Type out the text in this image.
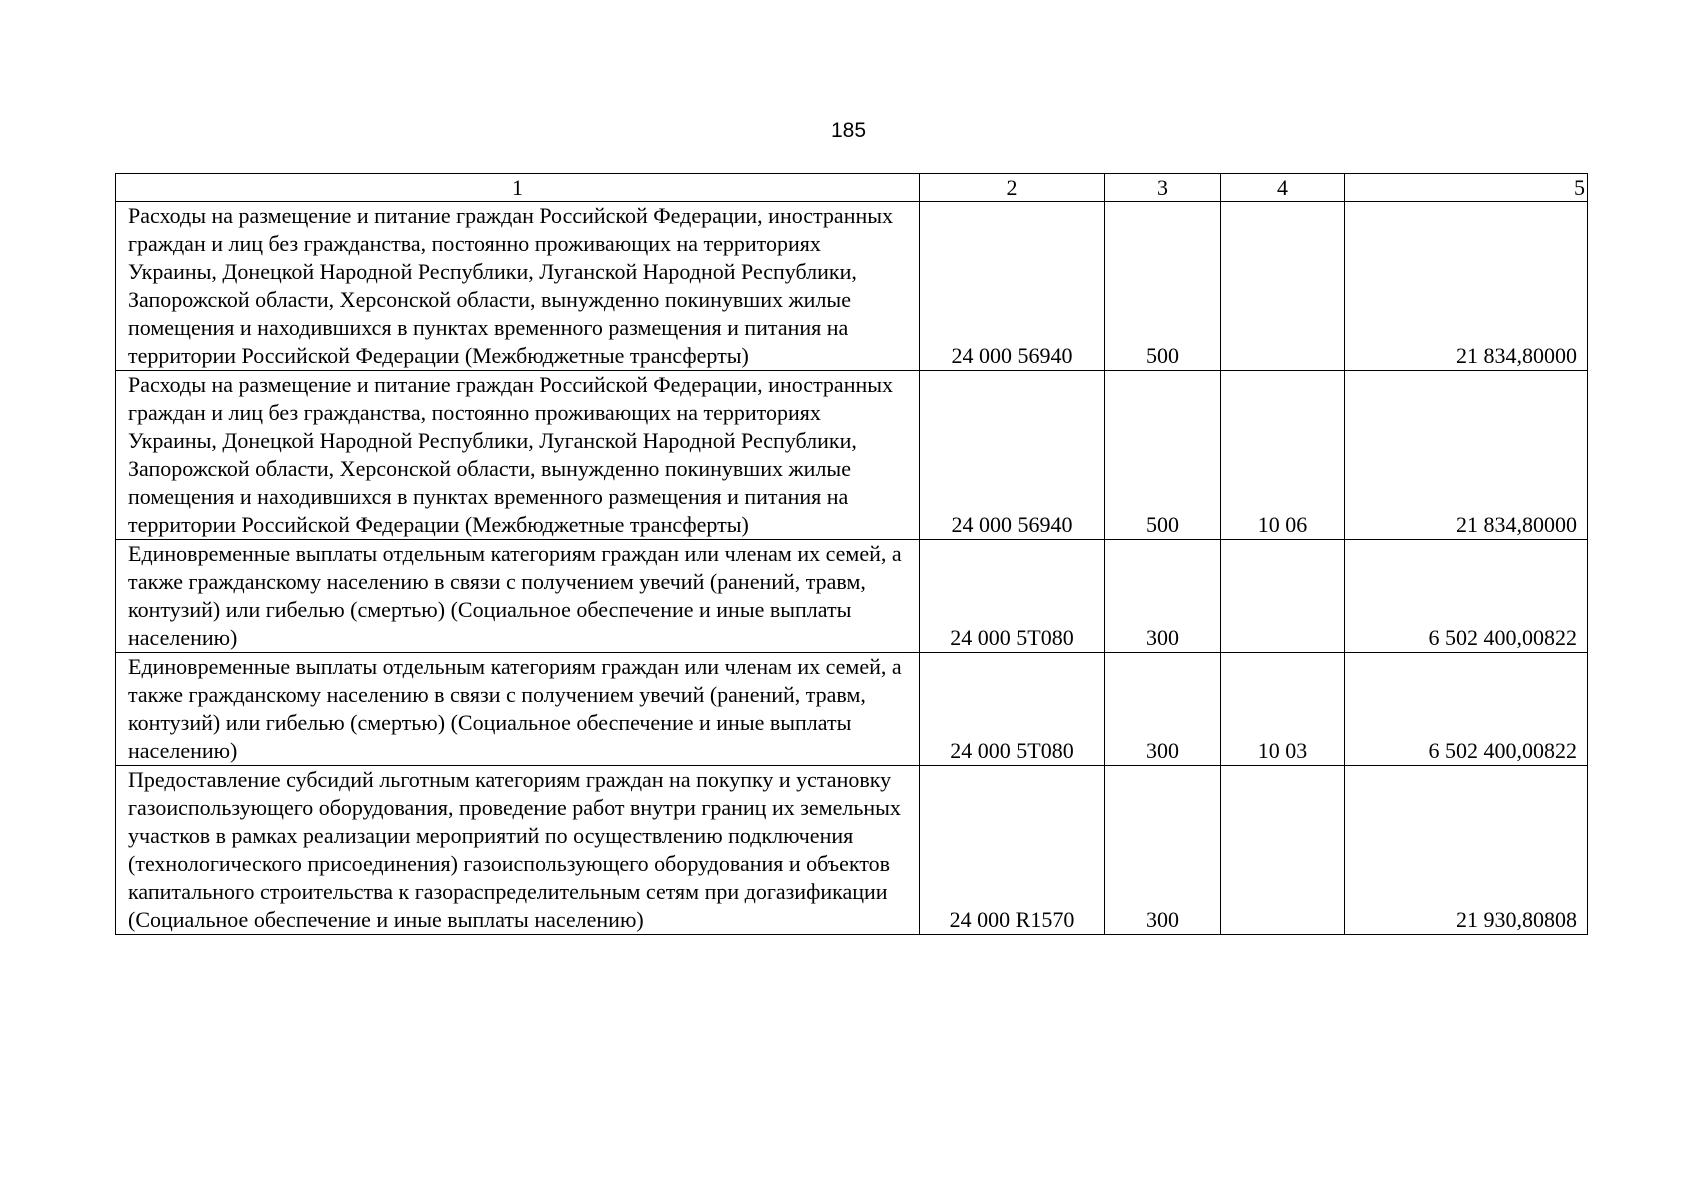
185
1	2	3	4	5
Расходы на размещение и питание граждан Российской Федерации, иностранных граждан и лиц без гражданства, постоянно проживающих на территориях Украины, Донецкой Народной Республики, Луганской Народной Республики, Запорожской области, Херсонской области, вынужденно покинувших жилые помещения и находившихся в пунктах временного размещения и питания на территории Российской Федерации (Межбюджетные трансферты)	24 000 56940	500		21 834,80000
Расходы на размещение и питание граждан Российской Федерации, иностранных граждан и лиц без гражданства, постоянно проживающих на территориях Украины, Донецкой Народной Республики, Луганской Народной Республики, Запорожской области, Херсонской области, вынужденно покинувших жилые помещения и находившихся в пунктах временного размещения и питания на территории Российской Федерации (Межбюджетные трансферты)	24 000 56940	500	10 06	21 834,80000
Единовременные выплаты отдельным категориям граждан или членам их семей, а также гражданскому населению в связи с получением увечий (ранений, травм, контузий) или гибелью (смертью) (Социальное обеспечение и иные выплаты населению)	24 000 5Т080	300		6 502 400,00822
Единовременные выплаты отдельным категориям граждан или членам их семей, а также гражданскому населению в связи с получением увечий (ранений, травм, контузий) или гибелью (смертью) (Социальное обеспечение и иные выплаты населению)	24 000 5Т080	300	10 03	6 502 400,00822
Предоставление субсидий льготным категориям граждан на покупку и установку газоиспользующего оборудования, проведение работ внутри границ их земельных участков в рамках реализации мероприятий по осуществлению подключения (технологического присоединения) газоиспользующего оборудования и объектов капитального строительства к газораспределительным сетям при догазификации (Социальное обеспечение и иные выплаты населению)	24 000 R1570	300		21 930,80808
